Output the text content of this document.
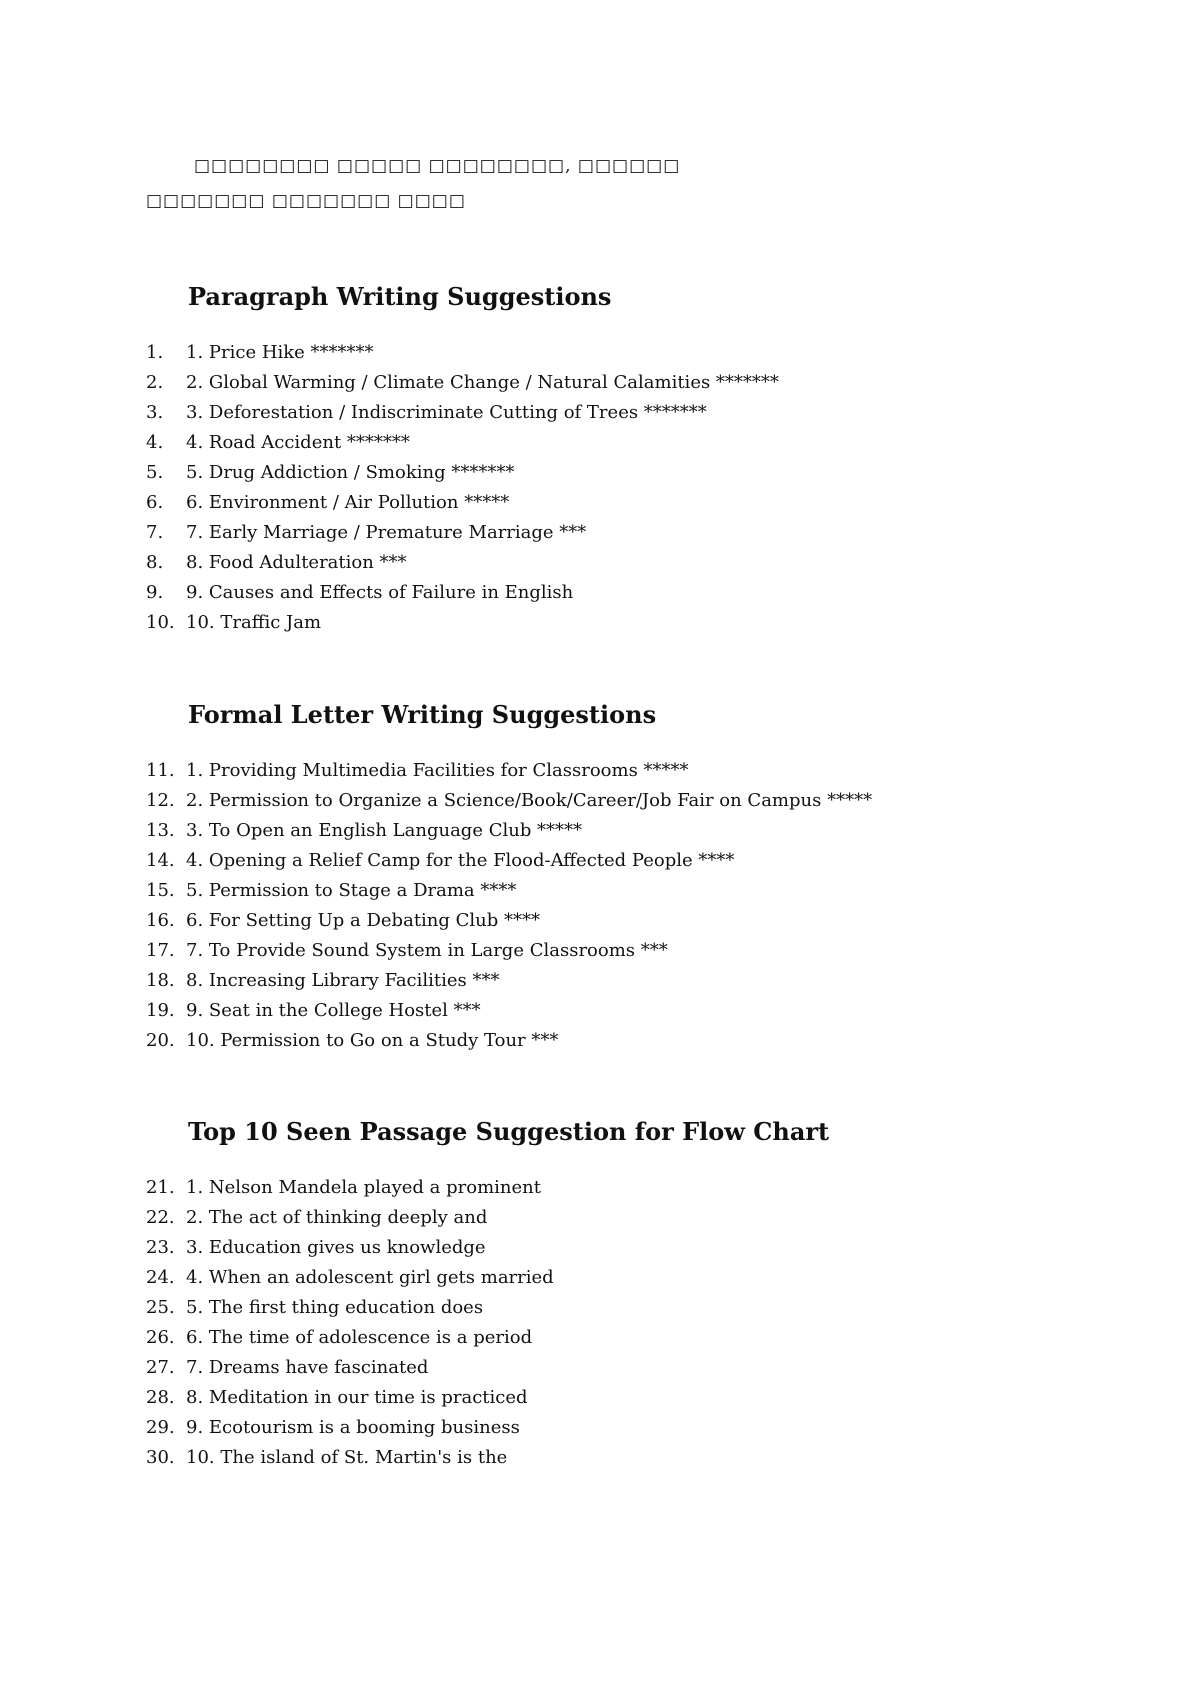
□□□□□□□□ □□□□□ □□□□□□□□, □□□□□□
□□□□□□□ □□□□□□□ □□□□
Paragraph Writing Suggestions
1. 1. Price Hike *******
2. 2. Global Warming / Climate Change / Natural Calamities *******
3. 3. Deforestation / Indiscriminate Cutting of Trees *******
4. 4. Road Accident *******
5. 5. Drug Addiction / Smoking *******
6. 6. Environment / Air Pollution *****
7. 7. Early Marriage / Premature Marriage ***
8. 8. Food Adulteration ***
9. 9. Causes and Effects of Failure in English
10. 10. Traffic Jam
Formal Letter Writing Suggestions
11. 1. Providing Multimedia Facilities for Classrooms *****
12. 2. Permission to Organize a Science/Book/Career/Job Fair on Campus *****
13. 3. To Open an English Language Club *****
14. 4. Opening a Relief Camp for the Flood-Affected People ****
15. 5. Permission to Stage a Drama ****
16. 6. For Setting Up a Debating Club ****
17. 7. To Provide Sound System in Large Classrooms ***
18. 8. Increasing Library Facilities ***
19. 9. Seat in the College Hostel ***
20. 10. Permission to Go on a Study Tour ***
Top 10 Seen Passage Suggestion for Flow Chart
21. 1. Nelson Mandela played a prominent
22. 2. The act of thinking deeply and
23. 3. Education gives us knowledge
24. 4. When an adolescent girl gets married
25. 5. The first thing education does
26. 6. The time of adolescence is a period
27. 7. Dreams have fascinated
28. 8. Meditation in our time is practiced
29. 9. Ecotourism is a booming business
30. 10. The island of St. Martin's is the
